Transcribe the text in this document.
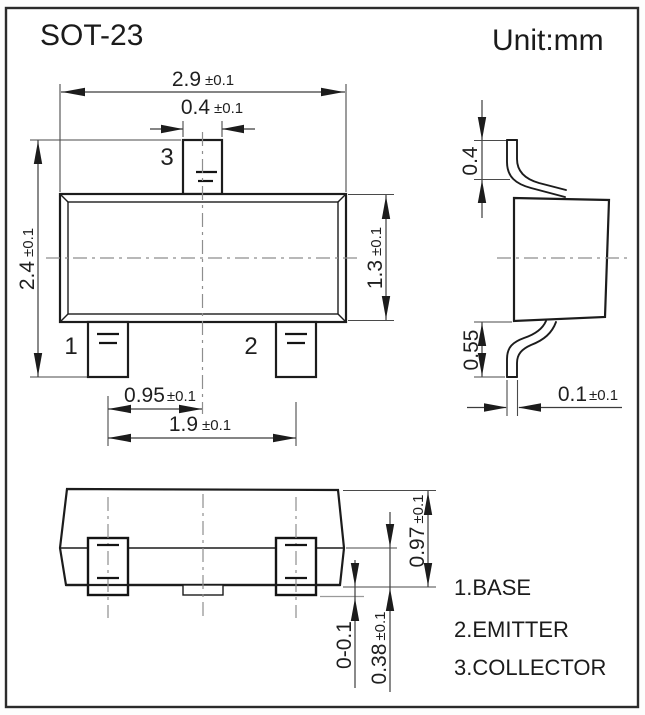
SOT-23	Unit:mm
2.9 ±0.1
0.4 ±0.1
2.4±0.1
1.3±0.1
3
1	2
0.95 ±0.1
1.9 ±0.1
0.4
0.55
0.1 ±0.1
0.97±0.1
0.38±0.1
0-0.1
1.BASE
2.EMITTER
3.COLLECTOR
